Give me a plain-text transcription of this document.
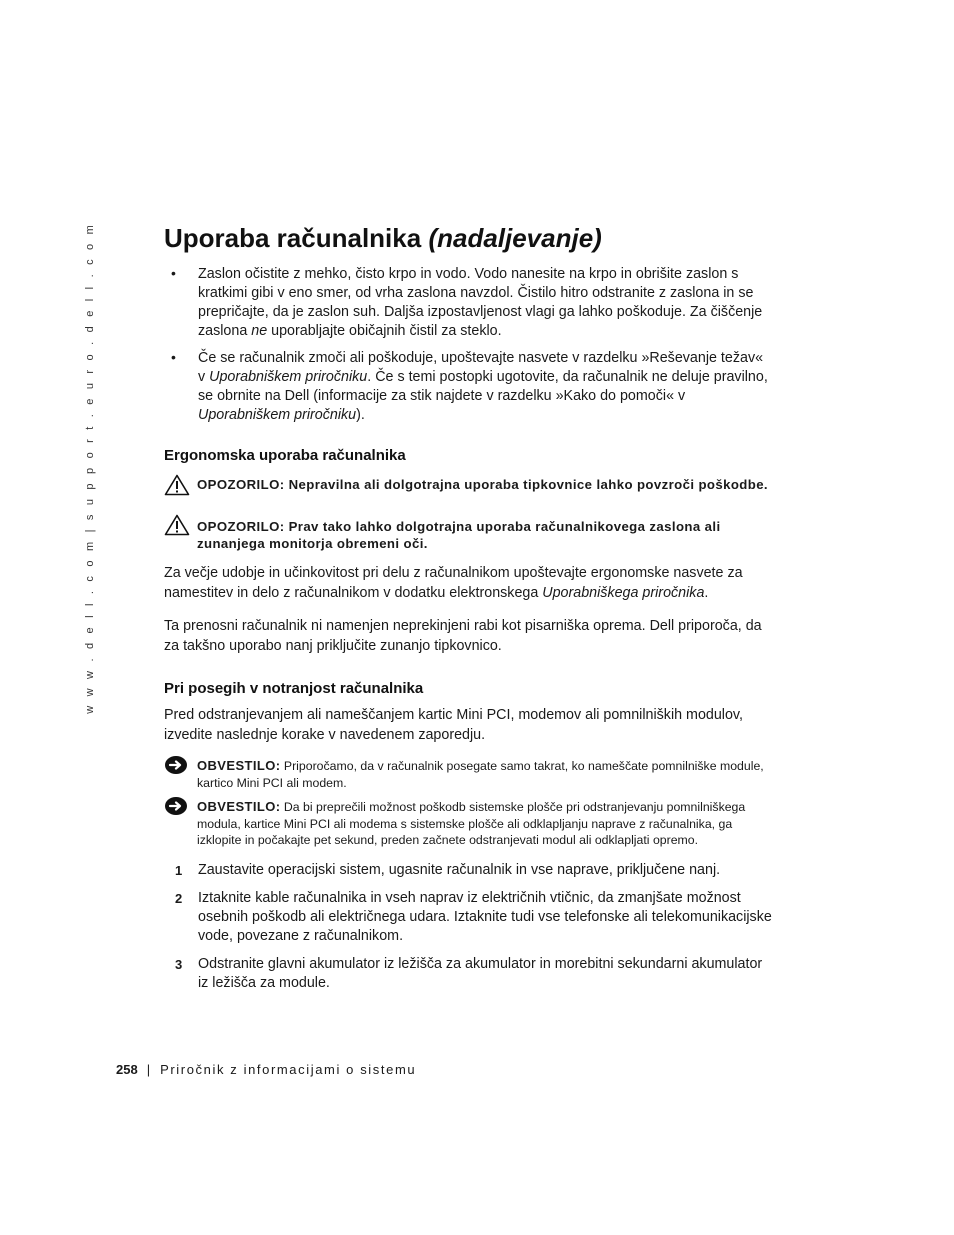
w w w . d e l l . c o m | s u p p o r t . e u r o . d e l l . c o m	Uporaba računalnika (nadaljevanje)
• Zaslon očistite z mehko, čisto krpo in vodo. Vodo nanesite na krpo in obrišite zaslon s kratkimi gibi v eno smer, od vrha zaslona navzdol. Čistilo hitro odstranite z zaslona in se prepričajte, da je zaslon suh. Daljša izpostavljenost vlagi ga lahko poškoduje. Za čiščenje zaslona ne uporabljajte običajnih čistil za steklo.
• Če se računalnik zmoči ali poškoduje, upoštevajte nasvete v razdelku »Reševanje težav« v Uporabniškem priročniku. Če s temi postopki ugotovite, da računalnik ne deluje pravilno, se obrnite na Dell (informacije za stik najdete v razdelku »Kako do pomoči« v Uporabniškem priročniku).
Ergonomska uporaba računalnika
OPOZORILO: Nepravilna ali dolgotrajna uporaba tipkovnice lahko povzroči poškodbe.
OPOZORILO: Prav tako lahko dolgotrajna uporaba računalnikovega zaslona ali zunanjega monitorja obremeni oči.
Za večje udobje in učinkovitost pri delu z računalnikom upoštevajte ergonomske nasvete za namestitev in delo z računalnikom v dodatku elektronskega Uporabniškega priročnika.
Ta prenosni računalnik ni namenjen neprekinjeni rabi kot pisarniška oprema. Dell priporoča, da za takšno uporabo nanj priključite zunanjo tipkovnico.
Pri posegih v notranjost računalnika
Pred odstranjevanjem ali nameščanjem kartic Mini PCI, modemov ali pomnilniških modulov, izvedite naslednje korake v navedenem zaporedju.
OBVESTILO: Priporočamo, da v računalnik posegate samo takrat, ko nameščate pomnilniške module, kartico Mini PCI ali modem.
OBVESTILO: Da bi preprečili možnost poškodb sistemske plošče pri odstranjevanju pomnilniškega modula, kartice Mini PCI ali modema s sistemske plošče ali odklapljanju naprave z računalnika, ga izklopite in počakajte pet sekund, preden začnete odstranjevati modul ali odklapljati opremo.
1 Zaustavite operacijski sistem, ugasnite računalnik in vse naprave, priključene nanj.
2 Iztaknite kable računalnika in vseh naprav iz električnih vtičnic, da zmanjšate možnost osebnih poškodb ali električnega udara. Iztaknite tudi vse telefonske ali telekomunikacijske vode, povezane z računalnikom.
3 Odstranite glavni akumulator iz ležišča za akumulator in morebitni sekundarni akumulator iz ležišča za module.
258 | Priročnik z informacijami o sistemu
